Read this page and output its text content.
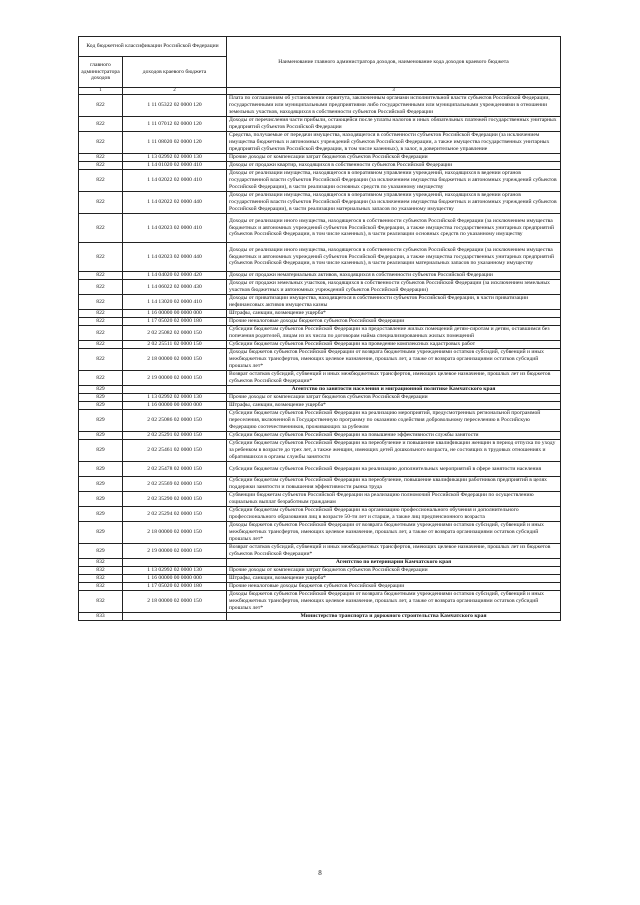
Код бюджетной классификации Российской Федерации		Наименование главного администратора доходов, наименование кода доходов краевого бюджета
главного администратора доходов	доходов краевого бюджета	
1	2	3
822	1 11 05322 02 0000 120	Плата по соглашениям об установлении сервитута, заключенным органами исполнительной власти субъектов Российской Федерации, государственными или муниципальными предприятиями либо государственными или муниципальными учреждениями в отношении земельных участков, находящихся в собственности субъектов Российской Федерации
822	1 11 07012 02 0000 120	Доходы от перечисления части прибыли, остающейся после уплаты налогов и иных обязательных платежей государственных унитарных предприятий субъектов Российской Федерации
822	1 11 08020 02 0000 120	Средства, получаемые от передачи имущества, находящегося в собственности субъектов Российской Федерации (за исключением имущества бюджетных и автономных учреждений субъектов Российской Федерации, а также имущества государственных унитарных предприятий субъектов Российской Федерации, в том числе казенных), в залог, в доверительное управление
822	1 13 02992 02 0000 130	Прочие доходы от компенсации затрат бюджетов субъектов Российской Федерации
822	1 14 01020 02 0000 410	Доходы от продажи квартир, находящихся в собственности субъектов Российской Федерации
822	1 14 02022 02 0000 410	Доходы от реализации имущества, находящегося в оперативном управлении учреждений, находящихся в ведении органов государственной власти субъектов Российской Федерации (за исключением имущества бюджетных и автономных учреждений субъектов Российской Федерации), в части реализации основных средств по указанному имуществу
822	1 14 02022 02 0000 440	Доходы от реализации имущества, находящегося в оперативном управлении учреждений, находящихся в ведении органов государственной власти субъектов Российской Федерации (за исключением имущества бюджетных и автономных учреждений субъектов Российской Федерации), в части реализации материальных запасов по указанному имуществу
822	1 14 02023 02 0000 410	Доходы от реализации иного имущества, находящегося в собственности субъектов Российской Федерации (за исключением имущества бюджетных и автономных учреждений субъектов Российской Федерации, а также имущества государственных унитарных предприятий субъектов Российской Федерации, в том числе казенных), в части реализации основных средств по указанному имуществу
822	1 14 02023 02 0000 440	Доходы от реализации иного имущества, находящегося в собственности субъектов Российской Федерации (за исключением имущества бюджетных и автономных учреждений субъектов Российской Федерации, а также имущества государственных унитарных предприятий субъектов Российской Федерации, в том числе казенных), в части реализации материальных запасов по указанному имуществу
822	1 14 04020 02 0000 420	Доходы от продажи нематериальных активов, находящихся в собственности субъектов Российской Федерации
822	1 14 06022 02 0000 430	Доходы от продажи земельных участков, находящихся в собственности субъектов Российской Федерации (за исключением земельных участков бюджетных и автономных учреждений субъектов Российской Федерации)
822	1 14 13020 02 0000 410	Доходы от приватизации имущества, находящегося в собственности субъектов Российской Федерации, в части приватизации нефинансовых активов имущества казны
822	1 16 00000 00 0000 000	Штрафы, санкции, возмещение ущерба*
822	1 17 05020 02 0000 180	Прочие неналоговые доходы бюджетов субъектов Российской Федерации
822	2 02 25082 02 0000 150	Субсидии бюджетам субъектов Российской Федерации на предоставление жилых помещений детям-сиротам и детям, оставшимся без попечения родителей, лицам из их числа по договорам найма специализированных жилых помещений
822	2 02 25511 02 0000 150	Субсидии бюджетам субъектов Российской Федерации на проведение комплексных кадастровых работ
822	2 18 00000 02 0000 150	Доходы бюджетов субъектов Российской Федерации от возврата бюджетными учреждениями остатков субсидий, субвенций и иных межбюджетных трансфертов, имеющих целевое назначение, прошлых лет, а также от возврата организациями остатков субсидий прошлых лет*
822	2 19 00000 02 0000 150	Возврат остатков субсидий, субвенций и иных межбюджетных трансфертов, имеющих целевое назначение, прошлых лет из бюджетов субъектов Российской Федерации*
829		Агентство по занятости населения и миграционной политике Камчатского края
829	1 13 02992 02 0000 130	Прочие доходы от компенсации затрат бюджетов субъектов Российской Федерации
829	1 16 00000 00 0000 000	Штрафы, санкции, возмещение ущерба*
829	2 02 25086 02 0000 150	Субсидии бюджетам субъектов Российской Федерации на реализацию мероприятий, предусмотренных региональной программой переселения, включенной в Государственную программу по оказанию содействия добровольному переселению в Российскую Федерацию соотечественников, проживающих за рубежом
829	2 02 25291 02 0000 150	Субсидии бюджетам субъектов Российской Федерации на повышение эффективности службы занятости
829	2 02 25461 02 0000 150	Субсидии бюджетам субъектов Российской Федерации на переобучение и повышение квалификации женщин в период отпуска по уходу за ребенком в возрасте до трех лет, а также женщин, имеющих детей дошкольного возраста, не состоящих в трудовых отношениях и обратившихся в органы службы занятости
829	2 02 25478 02 0000 150	Субсидии бюджетам субъектов Российской Федерации на реализацию дополнительных мероприятий в сфере занятости населения
829	2 02 25569 02 0000 150	Субсидии бюджетам субъектов Российской Федерации на переобучение, повышение квалификации работников предприятий в целях поддержки занятости и повышения эффективности рынка труда
829	2 02 35290 02 0000 150	Субвенции бюджетам субъектов Российской Федерации на реализацию полномочий Российской Федерации по осуществлению социальных выплат безработным гражданам
829	2 02 25294 02 0000 150	Субсидии бюджетам субъектов Российской Федерации на организацию профессионального обучения и дополнительного профессионального образования лиц в возрасте 50-ти лет и старше, а также лиц предпенсионного возраста
829	2 18 00000 02 0000 150	Доходы бюджетов субъектов Российской Федерации от возврата бюджетными учреждениями остатков субсидий, субвенций и иных межбюджетных трансфертов, имеющих целевое назначение, прошлых лет, а также от возврата организациями остатков субсидий прошлых лет*
829	2 19 00000 02 0000 150	Возврат остатков субсидий, субвенций и иных межбюджетных трансфертов, имеющих целевое назначение, прошлых лет из бюджетов субъектов Российской Федерации*
832		Агентство по ветеринарии Камчатского края
832	1 13 02992 02 0000 130	Прочие доходы от компенсации затрат бюджетов субъектов Российской Федерации
832	1 16 00000 00 0000 000	Штрафы, санкции, возмещение ущерба*
832	1 17 05020 02 0000 180	Прочие неналоговые доходы бюджетов субъектов Российской Федерации
832	2 18 00000 02 0000 150	Доходы бюджетов субъектов Российской Федерации от возврата бюджетными учреждениями остатков субсидий, субвенций и иных межбюджетных трансфертов, имеющих целевое назначение, прошлых лет, а также от возврата организациями остатков субсидий прошлых лет*
833		Министерство транспорта и дорожного строительства Камчатского края
8
